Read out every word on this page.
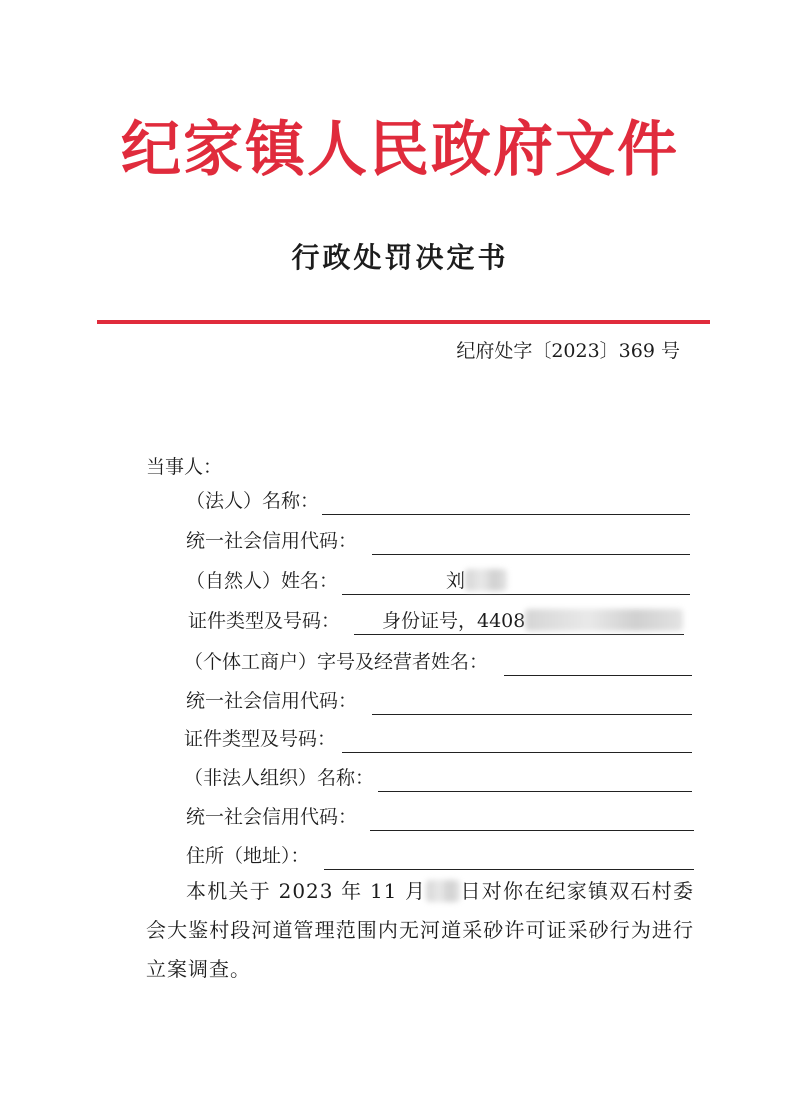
纪家镇人民政府文件
行政处罚决定书
纪府处字〔2023〕369 号
当事人：
（法人）名称：
统一社会信用代码：
（自然人）姓名：	刘
证件类型及号码： 身份证号，4408
（个体工商户）字号及经营者姓名：
统一社会信用代码：
证件类型及号码：
（非法人组织）名称：
统一社会信用代码：
住所（地址）：
本机关于 2023 年 11 月 日对你在纪家镇双石村委会大鉴村段河道管理范围内无河道采砂许可证采砂行为进行立案调查。
